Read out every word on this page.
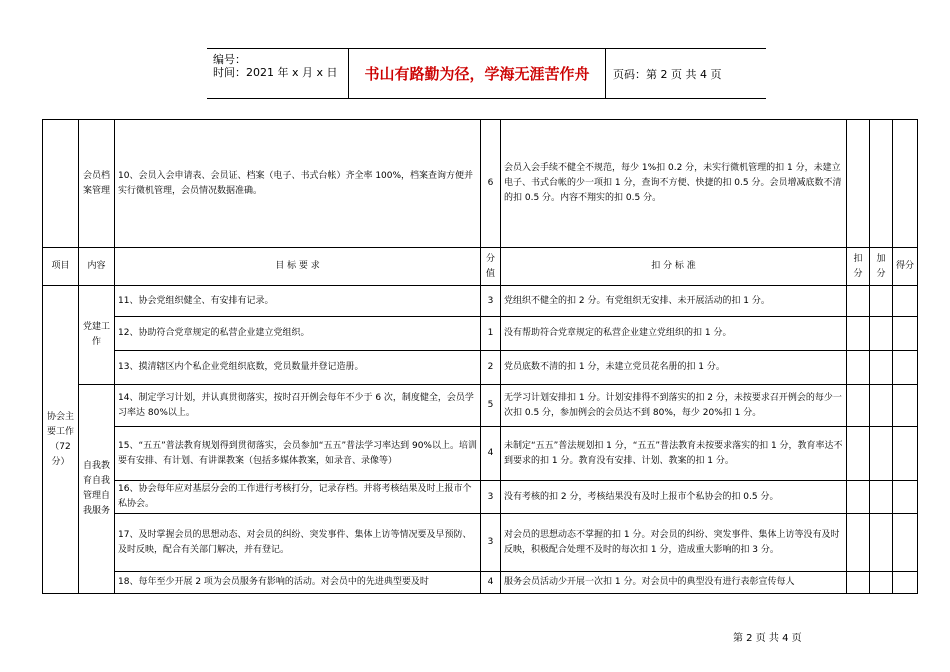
编号：
时间：2021 年 x 月 x 日	书山有路勤为径，学海无涯苦作舟	页码：第 2 页 共 4 页
	会员档案管理	10、会员入会申请表、会员证、档案（电子、书式台帐）齐全率 100%，档案查询方便并实行微机管理，会员情况数据准确。	6	会员入会手续不健全不规范，每少 1%扣 0.2 分，未实行微机管理的扣 1 分，未建立电子、书式台帐的少一项扣 1 分，查询不方便、快捷的扣 0.5 分。会员增减底数不清的扣 0.5 分。内容不翔实的扣 0.5 分。			
项目	内容	目 标 要 求	分值	扣 分 标 准	扣分	加分	得分
协会主要工作（72分）	党建工作	11、协会党组织健全、有安排有记录。	3	党组织不健全的扣 2 分。有党组织无安排、未开展活动的扣 1 分。			
		12、协助符合党章规定的私营企业建立党组织。	1	没有帮助符合党章规定的私营企业建立党组织的扣 1 分。			
		13、摸清辖区内个私企业党组织底数，党员数量并登记造册。	2	党员底数不清的扣 1 分，未建立党员花名册的扣 1 分。			
	自我教育自我管理自我服务	14、制定学习计划，并认真贯彻落实，按时召开例会每年不少于 6 次，制度健全，会员学习率达 80%以上。	5	无学习计划安排扣 1 分。计划安排得不到落实的扣 2 分，未按要求召开例会的每少一次扣 0.5 分，参加例会的会员达不到 80%，每少 20%扣 1 分。			
		15、“五五”普法教育规划得到贯彻落实，会员参加“五五”普法学习率达到 90%以上。培训要有安排、有计划、有讲课教案（包括多媒体教案，如录音、录像等）	4	未制定“五五”普法规划扣 1 分，“五五”普法教育未按要求落实的扣 1 分，教育率达不到要求的扣 1 分。教育没有安排、计划、教案的扣 1 分。			
		16、协会每年应对基层分会的工作进行考核打分，记录存档。并将考核结果及时上报市个私协会。	3	没有考核的扣 2 分，考核结果没有及时上报市个私协会的扣 0.5 分。			
		17、及时掌握会员的思想动态、对会员的纠纷、突发事件、集体上访等情况要及早预防、及时反映，配合有关部门解决，并有登记。	3	对会员的思想动态不掌握的扣 1 分。对会员的纠纷、突发事件、集体上访等没有及时反映，积极配合处理不及时的每次扣 1 分，造成重大影响的扣 3 分。			
		18、每年至少开展 2 项为会员服务有影响的活动。对会员中的先进典型要及时	4	服务会员活动少开展一次扣 1 分。对会员中的典型没有进行表彰宣传每人			
第 2 页 共 4 页
